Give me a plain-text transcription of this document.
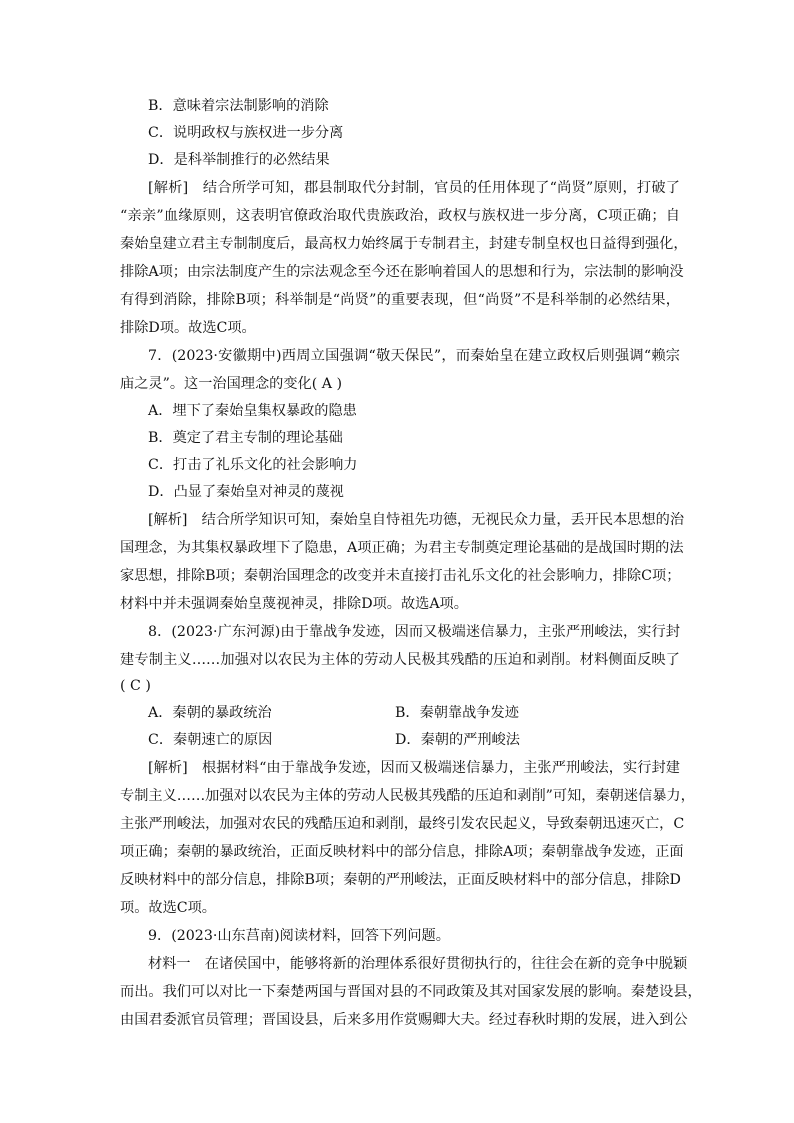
B．意味着宗法制影响的消除
C．说明政权与族权进一步分离
D．是科举制推行的必然结果
[解析]　结合所学可知，郡县制取代分封制，官员的任用体现了“尚贤”原则，打破了
“亲亲”血缘原则，这表明官僚政治取代贵族政治，政权与族权进一步分离，C项正确；自
秦始皇建立君主专制制度后，最高权力始终属于专制君主，封建专制皇权也日益得到强化，
排除A项；由宗法制度产生的宗法观念至今还在影响着国人的思想和行为，宗法制的影响没
有得到消除，排除B项；科举制是“尚贤”的重要表现，但“尚贤”不是科举制的必然结果，
排除D项。故选C项。
7．(2023·安徽期中)西周立国强调“敬天保民”，而秦始皇在建立政权后则强调“赖宗
庙之灵”。这一治国理念的变化( A )
A．埋下了秦始皇集权暴政的隐患
B．奠定了君主专制的理论基础
C．打击了礼乐文化的社会影响力
D．凸显了秦始皇对神灵的蔑视
[解析]　结合所学知识可知，秦始皇自恃祖先功德，无视民众力量，丢开民本思想的治
国理念，为其集权暴政埋下了隐患，A项正确；为君主专制奠定理论基础的是战国时期的法
家思想，排除B项；秦朝治国理念的改变并未直接打击礼乐文化的社会影响力，排除C项；
材料中并未强调秦始皇蔑视神灵，排除D项。故选A项。
8．(2023·广东河源)由于靠战争发迹，因而又极端迷信暴力，主张严刑峻法，实行封
建专制主义……加强对以农民为主体的劳动人民极其残酷的压迫和剥削。材料侧面反映了
( C )
A．秦朝的暴政统治	B．秦朝靠战争发迹
C．秦朝速亡的原因	D．秦朝的严刑峻法
[解析]　根据材料“由于靠战争发迹，因而又极端迷信暴力，主张严刑峻法，实行封建
专制主义……加强对以农民为主体的劳动人民极其残酷的压迫和剥削”可知，秦朝迷信暴力，
主张严刑峻法，加强对农民的残酷压迫和剥削，最终引发农民起义，导致秦朝迅速灭亡，C
项正确；秦朝的暴政统治，正面反映材料中的部分信息，排除A项；秦朝靠战争发迹，正面
反映材料中的部分信息，排除B项；秦朝的严刑峻法，正面反映材料中的部分信息，排除D
项。故选C项。
9．(2023·山东莒南)阅读材料，回答下列问题。
材料一　在诸侯国中，能够将新的治理体系很好贯彻执行的，往往会在新的竞争中脱颖
而出。我们可以对比一下秦楚两国与晋国对县的不同政策及其对国家发展的影响。秦楚设县，
由国君委派官员管理；晋国设县，后来多用作赏赐卿大夫。经过春秋时期的发展，进入到公
